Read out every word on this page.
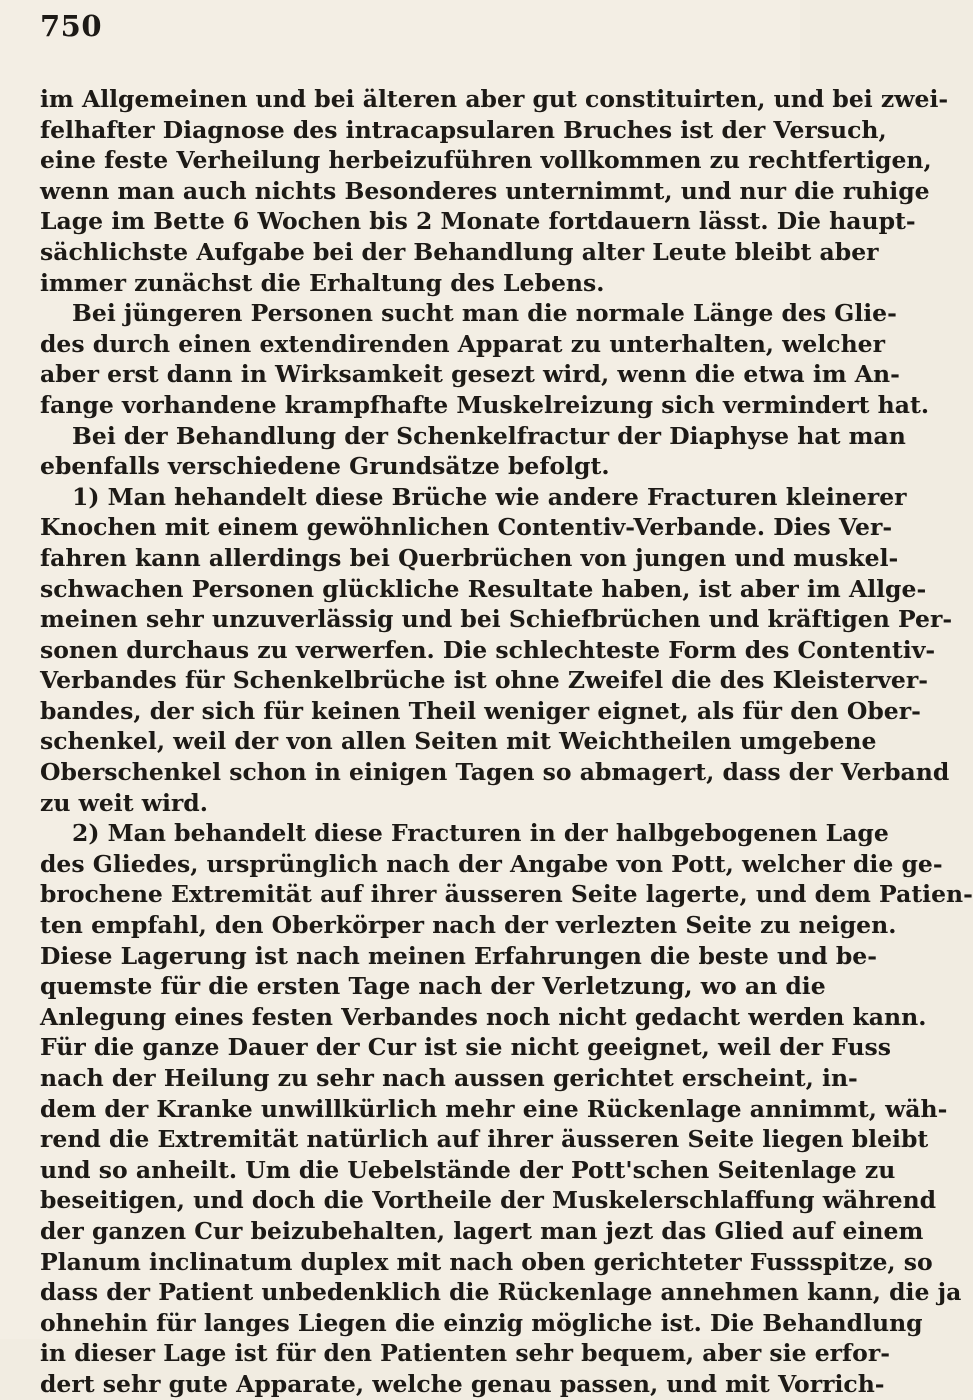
750
im Allgemeinen und bei älteren aber gut constituirten, und bei zwei-
felhafter Diagnose des intracapsularen Bruches ist der Versuch,
eine feste Verheilung herbeizuführen vollkommen zu rechtfertigen,
wenn man auch nichts Besonderes unternimmt, und nur die ruhige
Lage im Bette 6 Wochen bis 2 Monate fortdauern lässt. Die haupt-
sächlichste Aufgabe bei der Behandlung alter Leute bleibt aber
immer zunächst die Erhaltung des Lebens.
Bei jüngeren Personen sucht man die normale Länge des Glie-
des durch einen extendirenden Apparat zu unterhalten, welcher
aber erst dann in Wirksamkeit gesezt wird, wenn die etwa im An-
fange vorhandene krampfhafte Muskelreizung sich vermindert hat.
Bei der Behandlung der Schenkelfractur der Diaphyse hat man
ebenfalls verschiedene Grundsätze befolgt.
1) Man hehandelt diese Brüche wie andere Fracturen kleinerer
Knochen mit einem gewöhnlichen Contentiv-Verbande. Dies Ver-
fahren kann allerdings bei Querbrüchen von jungen und muskel-
schwachen Personen glückliche Resultate haben, ist aber im Allge-
meinen sehr unzuverlässig und bei Schiefbrüchen und kräftigen Per-
sonen durchaus zu verwerfen. Die schlechteste Form des Contentiv-
Verbandes für Schenkelbrüche ist ohne Zweifel die des Kleisterver-
bandes, der sich für keinen Theil weniger eignet, als für den Ober-
schenkel, weil der von allen Seiten mit Weichtheilen umgebene
Oberschenkel schon in einigen Tagen so abmagert, dass der Verband
zu weit wird.
2) Man behandelt diese Fracturen in der halbgebogenen Lage
des Gliedes, ursprünglich nach der Angabe von Pott, welcher die ge-
brochene Extremität auf ihrer äusseren Seite lagerte, und dem Patien-
ten empfahl, den Oberkörper nach der verlezten Seite zu neigen.
Diese Lagerung ist nach meinen Erfahrungen die beste und be-
quemste für die ersten Tage nach der Verletzung, wo an die
Anlegung eines festen Verbandes noch nicht gedacht werden kann.
Für die ganze Dauer der Cur ist sie nicht geeignet, weil der Fuss
nach der Heilung zu sehr nach aussen gerichtet erscheint, in-
dem der Kranke unwillkürlich mehr eine Rückenlage annimmt, wäh-
rend die Extremität natürlich auf ihrer äusseren Seite liegen bleibt
und so anheilt. Um die Uebelstände der Pott'schen Seitenlage zu
beseitigen, und doch die Vortheile der Muskelerschlaffung während
der ganzen Cur beizubehalten, lagert man jezt das Glied auf einem
Planum inclinatum duplex mit nach oben gerichteter Fussspitze, so
dass der Patient unbedenklich die Rückenlage annehmen kann, die ja
ohnehin für langes Liegen die einzig mögliche ist. Die Behandlung
in dieser Lage ist für den Patienten sehr bequem, aber sie erfor-
dert sehr gute Apparate, welche genau passen, und mit Vorrich-
